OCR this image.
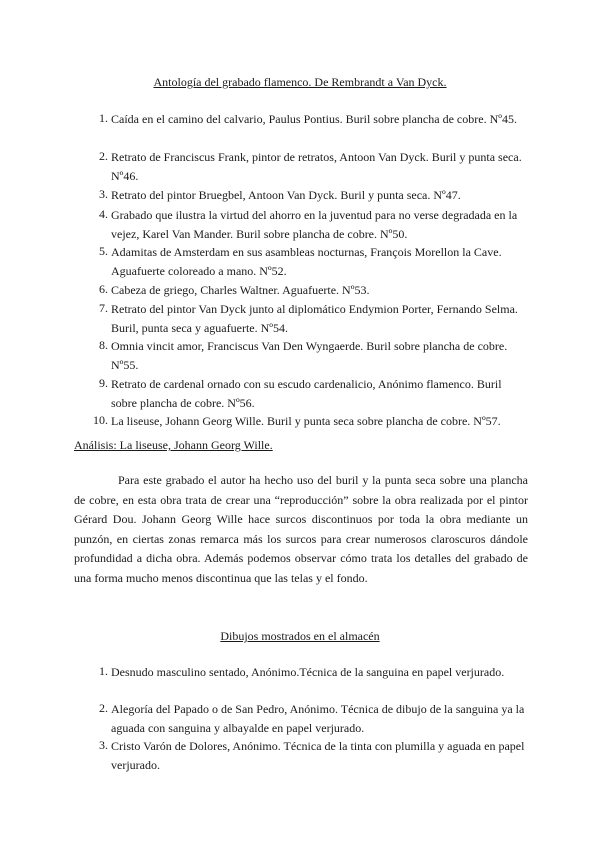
Antología del grabado flamenco. De Rembrandt a Van Dyck.
1. Caída en el camino del calvario, Paulus Pontius. Buril sobre plancha de cobre. Nº45.
2. Retrato de Franciscus Frank, pintor de retratos, Antoon Van Dyck. Buril y punta seca. Nº46.
3. Retrato del pintor Bruegbel, Antoon Van Dyck. Buril y punta seca. Nº47.
4. Grabado que ilustra la virtud del ahorro en la juventud para no verse degradada en la vejez, Karel Van Mander. Buril sobre plancha de cobre. Nº50.
5. Adamitas de Amsterdam en sus asambleas nocturnas, François Morellon la Cave. Aguafuerte coloreado a mano. Nº52.
6. Cabeza de griego, Charles Waltner. Aguafuerte. Nº53.
7. Retrato del pintor Van Dyck junto al diplomático Endymion Porter, Fernando Selma. Buril, punta seca y aguafuerte. Nº54.
8. Omnia vincit amor, Franciscus Van Den Wyngaerde. Buril sobre plancha de cobre. Nº55.
9. Retrato de cardenal ornado con su escudo cardenalicio, Anónimo flamenco. Buril sobre plancha de cobre. Nº56.
10. La liseuse, Johann Georg Wille. Buril y punta seca sobre plancha de cobre. Nº57.
Análisis: La liseuse, Johann Georg Wille.

Para este grabado el autor ha hecho uso del buril y la punta seca sobre una plancha de cobre, en esta obra trata de crear una “reproducción” sobre la obra realizada por el pintor Gérard Dou. Johann Georg Wille hace surcos discontinuos por toda la obra mediante un punzón, en ciertas zonas remarca más los surcos para crear numerosos claroscuros dándole profundidad a dicha obra. Además podemos observar cómo trata los detalles del grabado de una forma mucho menos discontinua que las telas y el fondo.

Dibujos mostrados en el almacén
1. Desnudo masculino sentado, Anónimo.Técnica de la sanguina en papel verjurado.
2. Alegoría del Papado o de San Pedro, Anónimo. Técnica de dibujo de la sanguina ya la aguada con sanguina y albayalde en papel verjurado.
3. Cristo Varón de Dolores, Anónimo. Técnica de la tinta con plumilla y aguada en papel verjurado.
